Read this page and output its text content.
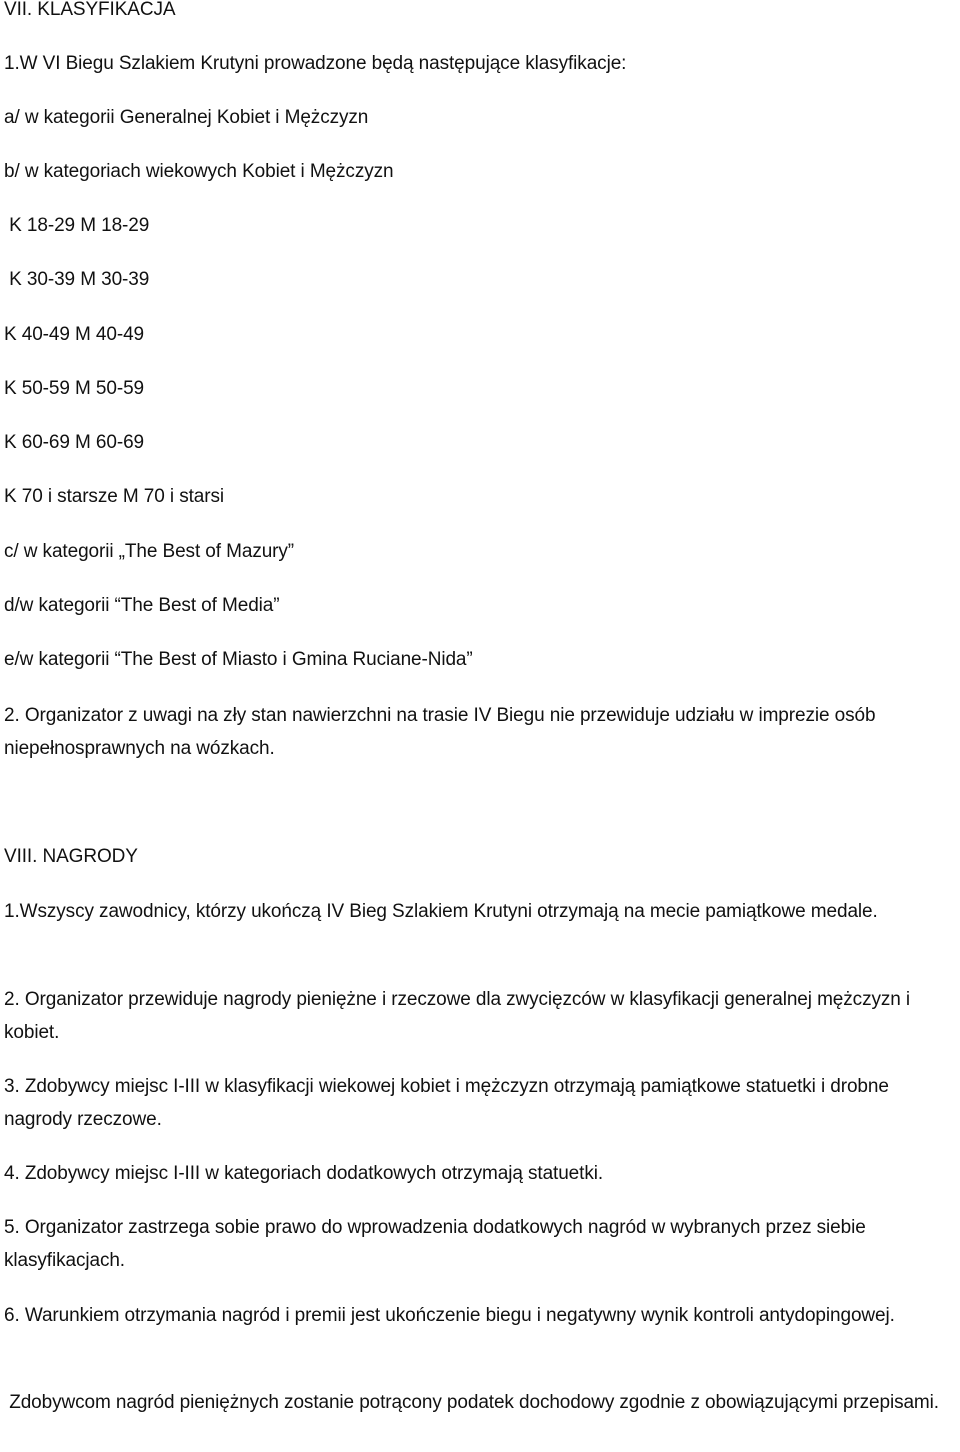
VII. KLASYFIKACJA
1.W VI Biegu Szlakiem Krutyni prowadzone będą następujące klasyfikacje:
a/ w kategorii Generalnej Kobiet i Mężczyzn
b/ w kategoriach wiekowych Kobiet i Mężczyzn
K 18-29 M 18-29
K 30-39 M 30-39
K 40-49 M 40-49
K 50-59 M 50-59
K 60-69 M 60-69
K 70 i starsze M 70 i starsi
c/ w kategorii „The Best of Mazury”
d/w kategorii “The Best of Media”
e/w kategorii “The Best of Miasto i Gmina Ruciane-Nida”
2. Organizator z uwagi na zły stan nawierzchni na trasie IV Biegu nie przewiduje udziału w imprezie osób niepełnosprawnych na wózkach.
VIII. NAGRODY
1.Wszyscy zawodnicy, którzy ukończą IV Bieg Szlakiem Krutyni otrzymają na mecie pamiątkowe medale.
2. Organizator przewiduje nagrody pieniężne i rzeczowe dla zwycięzców w klasyfikacji generalnej mężczyzn i kobiet.
3. Zdobywcy miejsc I-III w klasyfikacji wiekowej kobiet i mężczyzn otrzymają pamiątkowe statuetki i drobne nagrody rzeczowe.
4. Zdobywcy miejsc I-III w kategoriach dodatkowych otrzymają statuetki.
5. Organizator zastrzega sobie prawo do wprowadzenia dodatkowych nagród w wybranych przez siebie klasyfikacjach.
6. Warunkiem otrzymania nagród i premii jest ukończenie biegu i negatywny wynik kontroli antydopingowej.
Zdobywcom nagród pieniężnych zostanie potrącony podatek dochodowy zgodnie z obowiązującymi przepisami.
